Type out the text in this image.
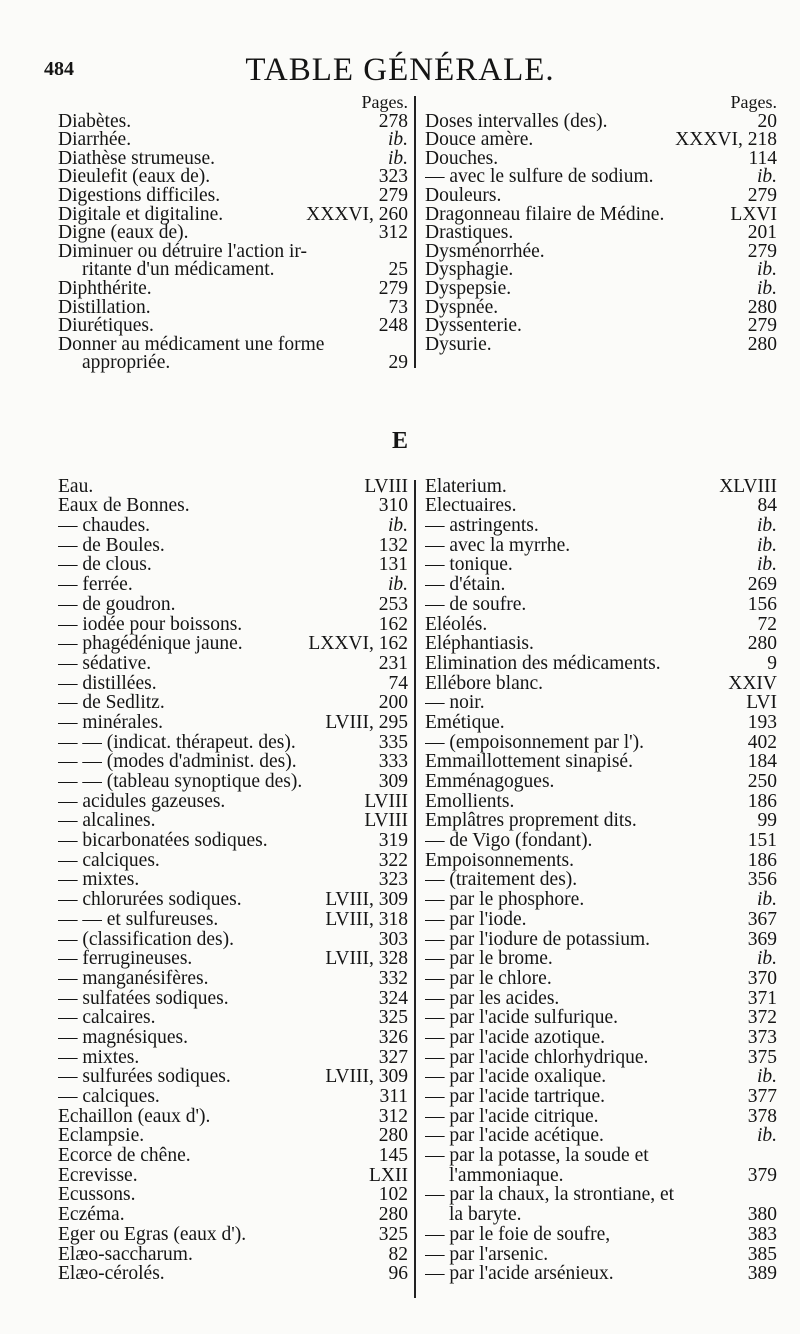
484	TABLE GÉNÉRALE.
Pages.
Diabètes.	278
Diarrhée.	ib.
Diathèse strumeuse.	ib.
Dieulefit (eaux de).	323
Digestions difficiles.	279
Digitale et digitaline.	XXXVI, 260
Digne (eaux de).	312
Diminuer ou détruire l'action ir-
ritante d'un médicament.	25
Diphthérite.	279
Distillation.	73
Diurétiques.	248
Donner au médicament une forme
appropriée.	29
Pages.
Doses intervalles (des).	20
Douce amère.	XXXVI, 218
Douches.	114
— avec le sulfure de sodium.	ib.
Douleurs.	279
Dragonneau filaire de Médine.	LXVI
Drastiques.	201
Dysménorrhée.	279
Dysphagie.	ib.
Dyspepsie.	ib.
Dyspnée.	280
Dyssenterie.	279
Dysurie.	280
E
Eau.	LVIII
Eaux de Bonnes.	310
— chaudes.	ib.
— de Boules.	132
— de clous.	131
— ferrée.	ib.
— de goudron.	253
— iodée pour boissons.	162
— phagédénique jaune.	LXXVI, 162
— sédative.	231
— distillées.	74
— de Sedlitz.	200
— minérales.	LVIII, 295
— — (indicat. thérapeut. des).	335
— — (modes d'administ. des).	333
— — (tableau synoptique des).	309
— acidules gazeuses.	LVIII
— alcalines.	LVIII
— bicarbonatées sodiques.	319
— calciques.	322
— mixtes.	323
— chlorurées sodiques.	LVIII, 309
— — et sulfureuses.	LVIII, 318
— (classification des).	303
— ferrugineuses.	LVIII, 328
— manganésifères.	332
— sulfatées sodiques.	324
— calcaires.	325
— magnésiques.	326
— mixtes.	327
— sulfurées sodiques.	LVIII, 309
— calciques.	311
Echaillon (eaux d').	312
Eclampsie.	280
Ecorce de chêne.	145
Ecrevisse.	LXII
Ecussons.	102
Eczéma.	280
Eger ou Egras (eaux d').	325
Elæo-saccharum.	82
Elæo-cérolés.	96
Elaterium.	XLVIII
Electuaires.	84
— astringents.	ib.
— avec la myrrhe.	ib.
— tonique.	ib.
— d'étain.	269
— de soufre.	156
Eléolés.	72
Eléphantiasis.	280
Elimination des médicaments.	9
Ellébore blanc.	XXIV
— noir.	LVI
Emétique.	193
— (empoisonnement par l').	402
Emmaillottement sinapisé.	184
Emménagogues.	250
Emollients.	186
Emplâtres proprement dits.	99
— de Vigo (fondant).	151
Empoisonnements.	186
— (traitement des).	356
— par le phosphore.	ib.
— par l'iode.	367
— par l'iodure de potassium.	369
— par le brome.	ib.
— par le chlore.	370
— par les acides.	371
— par l'acide sulfurique.	372
— par l'acide azotique.	373
— par l'acide chlorhydrique.	375
— par l'acide oxalique.	ib.
— par l'acide tartrique.	377
— par l'acide citrique.	378
— par l'acide acétique.	ib.
— par la potasse, la soude et
l'ammoniaque.	379
— par la chaux, la strontiane, et
la baryte.	380
— par le foie de soufre,	383
— par l'arsenic.	385
— par l'acide arsénieux.	389
